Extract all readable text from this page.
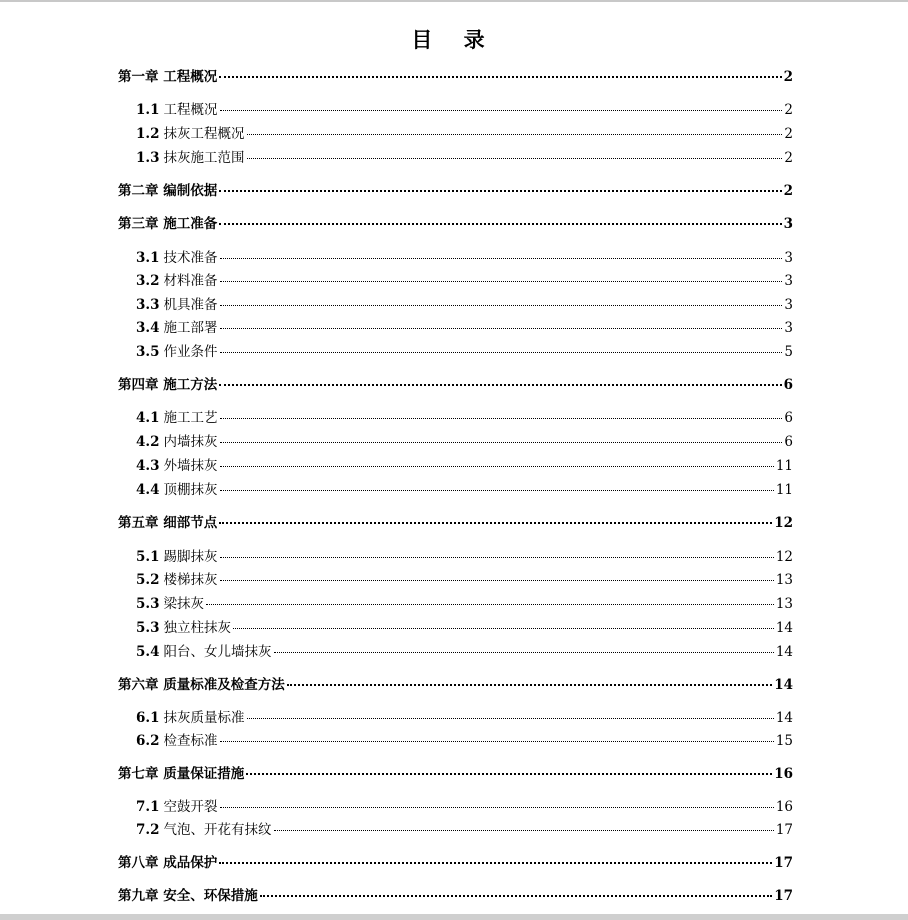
目 录
第一章 工程概况	2
1.1 工程概况	2
1.2 抹灰工程概况	2
1.3 抹灰施工范围	2
第二章 编制依据	2
第三章 施工准备	3
3.1 技术准备	3
3.2 材料准备	3
3.3 机具准备	3
3.4 施工部署	3
3.5 作业条件	5
第四章 施工方法	6
4.1 施工工艺	6
4.2 内墙抹灰	6
4.3 外墙抹灰	11
4.4 顶棚抹灰	11
第五章 细部节点	12
5.1 踢脚抹灰	12
5.2 楼梯抹灰	13
5.3 梁抹灰	13
5.3 独立柱抹灰	14
5.4 阳台、女儿墙抹灰	14
第六章 质量标准及检查方法	14
6.1 抹灰质量标准	14
6.2 检查标准	15
第七章 质量保证措施	16
7.1 空鼓开裂	16
7.2 气泡、开花有抹纹	17
第八章 成品保护	17
第九章 安全、环保措施	17
